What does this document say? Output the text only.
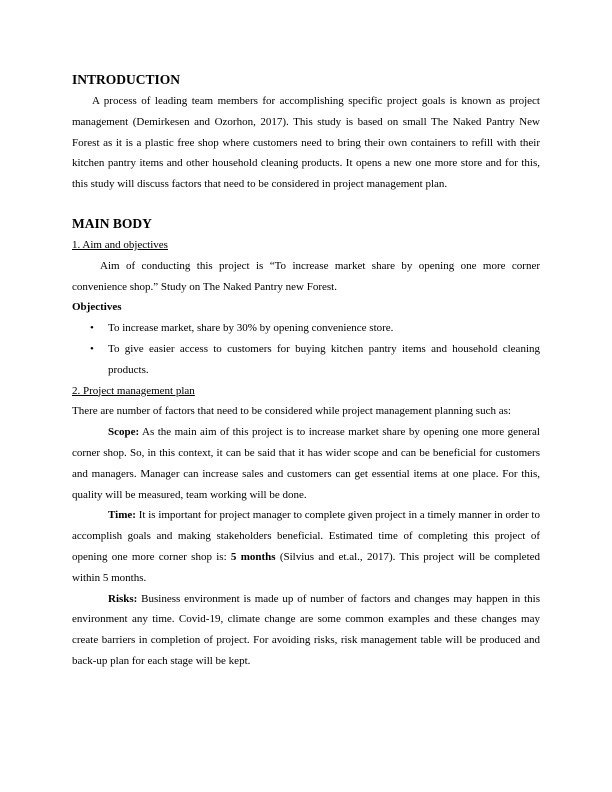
INTRODUCTION

A process of leading team members for accomplishing specific project goals is known as project management (Demirkesen and Ozorhon, 2017). This study is based on small The Naked Pantry New Forest as it is a plastic free shop where customers need to bring their own containers to refill with their kitchen pantry items and other household cleaning products. It opens a new one more store and for this, this study will discuss factors that need to be considered in project management plan.

MAIN BODY

1. Aim and objectives

Aim of conducting this project is “To increase market share by opening one more corner convenience shop.” Study on The Naked Pantry new Forest.

Objectives

• To increase market, share by 30% by opening convenience store.
• To give easier access to customers for buying kitchen pantry items and household cleaning products.

2. Project management plan

There are number of factors that need to be considered while project management planning such as:

Scope: As the main aim of this project is to increase market share by opening one more general corner shop. So, in this context, it can be said that it has wider scope and can be beneficial for customers and managers. Manager can increase sales and customers can get essential items at one place. For this, quality will be measured, team working will be done.

Time: It is important for project manager to complete given project in a timely manner in order to accomplish goals and making stakeholders beneficial. Estimated time of completing this project of opening one more corner shop is: 5 months (Silvius and et.al., 2017). This project will be completed within 5 months.

Risks: Business environment is made up of number of factors and changes may happen in this environment any time. Covid-19, climate change are some common examples and these changes may create barriers in completion of project. For avoiding risks, risk management table will be produced and back-up plan for each stage will be kept.
